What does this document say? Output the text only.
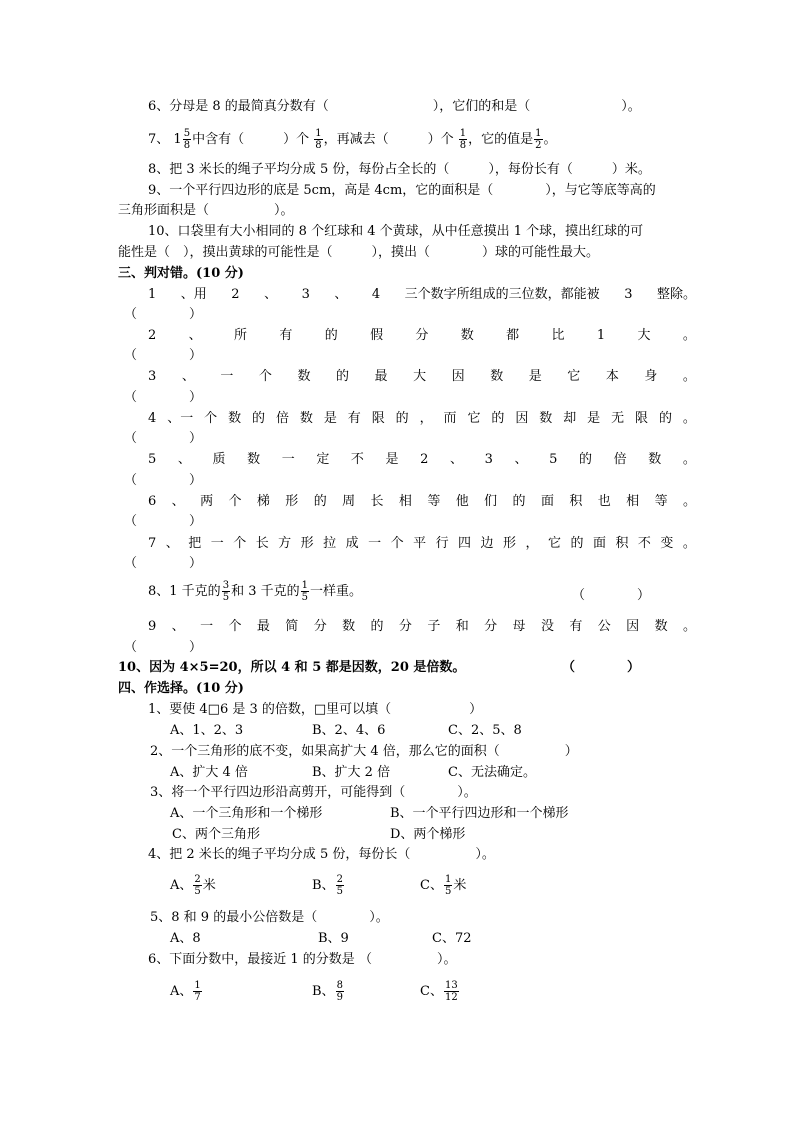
6、分母是 8 的最简真分数有（　　　　　　　　），它们的和是（　　　　　　　）。
7、 $1 \frac{5}{8}$ 中含有（　　　）个 $\frac{1}{8}$ ，再减去（　　　）个 $\frac{1}{8}$ ，它的值是 $\frac{1}{2}$ 。
8、把 3 米长的绳子平均分成 5 份，每份占全长的（　　　），每份长有（　　　）米。
9、一个平行四边形的底是 5cm，高是 4cm，它的面积是（　　　　），与它等底等高的
三角形面积是（　　　　　）。
10、口袋里有大小相同的 8 个红球和 4 个黄球，从中任意摸出 1 个球，摸出红球的可
能性是（　），摸出黄球的可能性是（　　　），摸出（　　　　）球的可能性最大。
三、判对错。(10 分)
1 、用 2 、 3 、 4 三个数字所组成的三位数，都能被 3 整除。
（　　　　）
2 、 所 有 的 假 分 数 都 比 1 大 。
（　　　　）
3 、 一 个 数 的 最 大 因 数 是 它 本 身 。
（　　　　）
4 、一 个 数 的 倍 数 是 有 限 的 ， 而 它 的 因 数 却 是 无 限 的 。
（　　　　）
5 、 质 数 一 定 不 是 2 、 3 、 5 的 倍 数 。
（　　　　）
6 、 两 个 梯 形 的 周 长 相 等 他 们 的 面 积 也 相 等 。
（　　　　）
7 、 把 一 个 长 方 形 拉 成 一 个 平 行 四 边 形 ， 它 的 面 积 不 变 。
（　　　　）
8、1 千克的 $\frac{3}{5}$ 和 3 千克的 $\frac{1}{5}$ 一样重。	（　　　　）
9 、 一 个 最 简 分 数 的 分 子 和 分 母 没 有 公 因 数 。
（　　　　）
10、因为 4×5=20，所以 4 和 5 都是因数，20 是倍数。	（　　　　）
四、作选择。(10 分)
1、要使 4□6 是 3 的倍数，□里可以填（　　　　　　）
A、1、2、3	B、2、4、6	C、2、5、8
2、一个三角形的底不变，如果高扩大 4 倍，那么它的面积（　　　　　）
A、扩大 4 倍	B、扩大 2 倍	C、无法确定。
3、将一个平行四边形沿高剪开，可能得到（　　　　）。
A、一个三角形和一个梯形	B、一个平行四边形和一个梯形
C、两个三角形	D、两个梯形
4、把 2 米长的绳子平均分成 5 份，每份长（　　　　　）。
A、 $\frac{2}{5}$ 米	B、 $\frac{2}{5}$	C、 $\frac{1}{5}$ 米
5、8 和 9 的最小公倍数是（　　　　）。
A、8	B、9	C、72
6、下面分数中，最接近 1 的分数是 （　　　　　）。
A、 $\frac{1}{7}$	B、 $\frac{8}{9}$	C、 $\frac{13}{12}$
